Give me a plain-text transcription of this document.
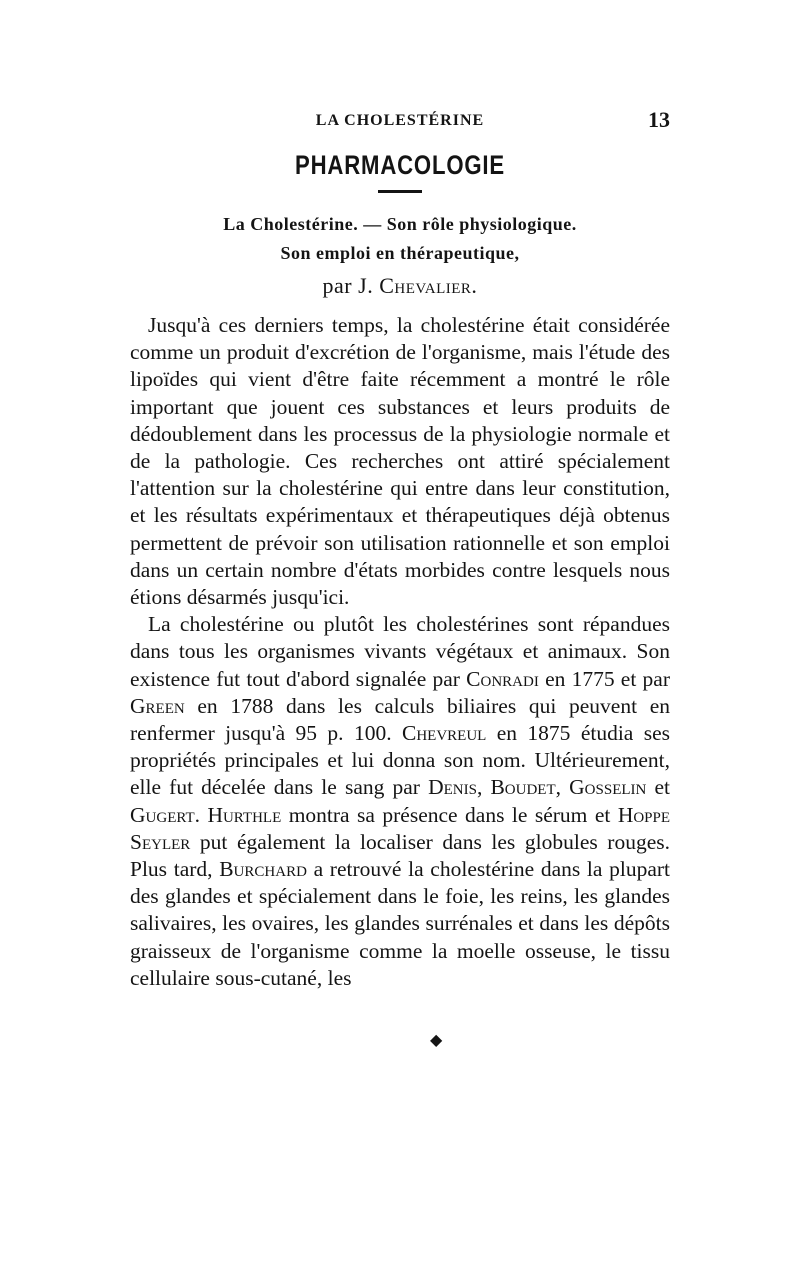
LA CHOLESTÉRINE	13
PHARMACOLOGIE
La Cholestérine. — Son rôle physiologique.
Son emploi en thérapeutique,
par J. Chevalier.

Jusqu'à ces derniers temps, la cholestérine était considérée comme un produit d'excrétion de l'organisme, mais l'étude des lipoïdes qui vient d'être faite récemment a montré le rôle important que jouent ces substances et leurs produits de dédoublement dans les processus de la physiologie normale et de la pathologie. Ces recherches ont attiré spécialement l'attention sur la cholestérine qui entre dans leur constitution, et les résultats expérimentaux et thérapeutiques déjà obtenus permettent de prévoir son utilisation rationnelle et son emploi dans un certain nombre d'états morbides contre lesquels nous étions désarmés jusqu'ici.

La cholestérine ou plutôt les cholestérines sont répandues dans tous les organismes vivants végétaux et animaux. Son existence fut tout d'abord signalée par Conradi en 1775 et par Green en 1788 dans les calculs biliaires qui peuvent en renfermer jusqu'à 95 p. 100. Chevreul en 1875 étudia ses propriétés principales et lui donna son nom. Ultérieurement, elle fut décelée dans le sang par Denis, Boudet, Gosselin et Gugert. Hurthle montra sa présence dans le sérum et Hoppe Seyler put également la localiser dans les globules rouges. Plus tard, Burchard a retrouvé la cholestérine dans la plupart des glandes et spécialement dans le foie, les reins, les glandes salivaires, les ovaires, les glandes surrénales et dans les dépôts graisseux de l'organisme comme la moelle osseuse, le tissu cellulaire sous-cutané, les

◆
